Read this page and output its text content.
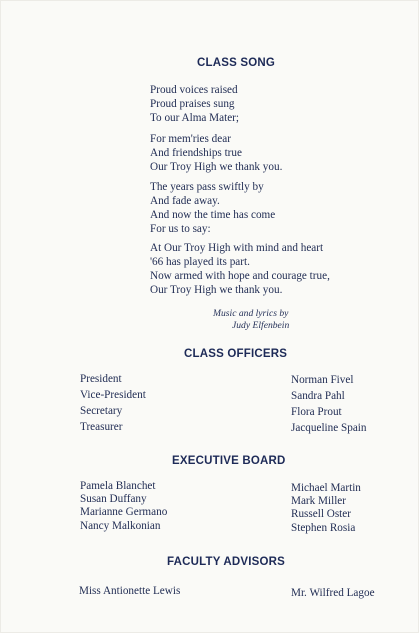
CLASS SONG
Proud voices raised
Proud praises sung
To our Alma Mater;
For mem'ries dear
And friendships true
Our Troy High we thank you.
The years pass swiftly by
And fade away.
And now the time has come
For us to say:
At Our Troy High with mind and heart
'66 has played its part.
Now armed with hope and courage true,
Our Troy High we thank you.
Music and lyrics by
Judy Elfenbein
CLASS OFFICERS
President
Vice-President
Secretary
Treasurer
Norman Fivel
Sandra Pahl
Flora Prout
Jacqueline Spain
EXECUTIVE BOARD
Pamela Blanchet
Susan Duffany
Marianne Germano
Nancy Malkonian
Michael Martin
Mark Miller
Russell Oster
Stephen Rosia
FACULTY ADVISORS
Miss Antionette Lewis	Mr. Wilfred Lagoe
